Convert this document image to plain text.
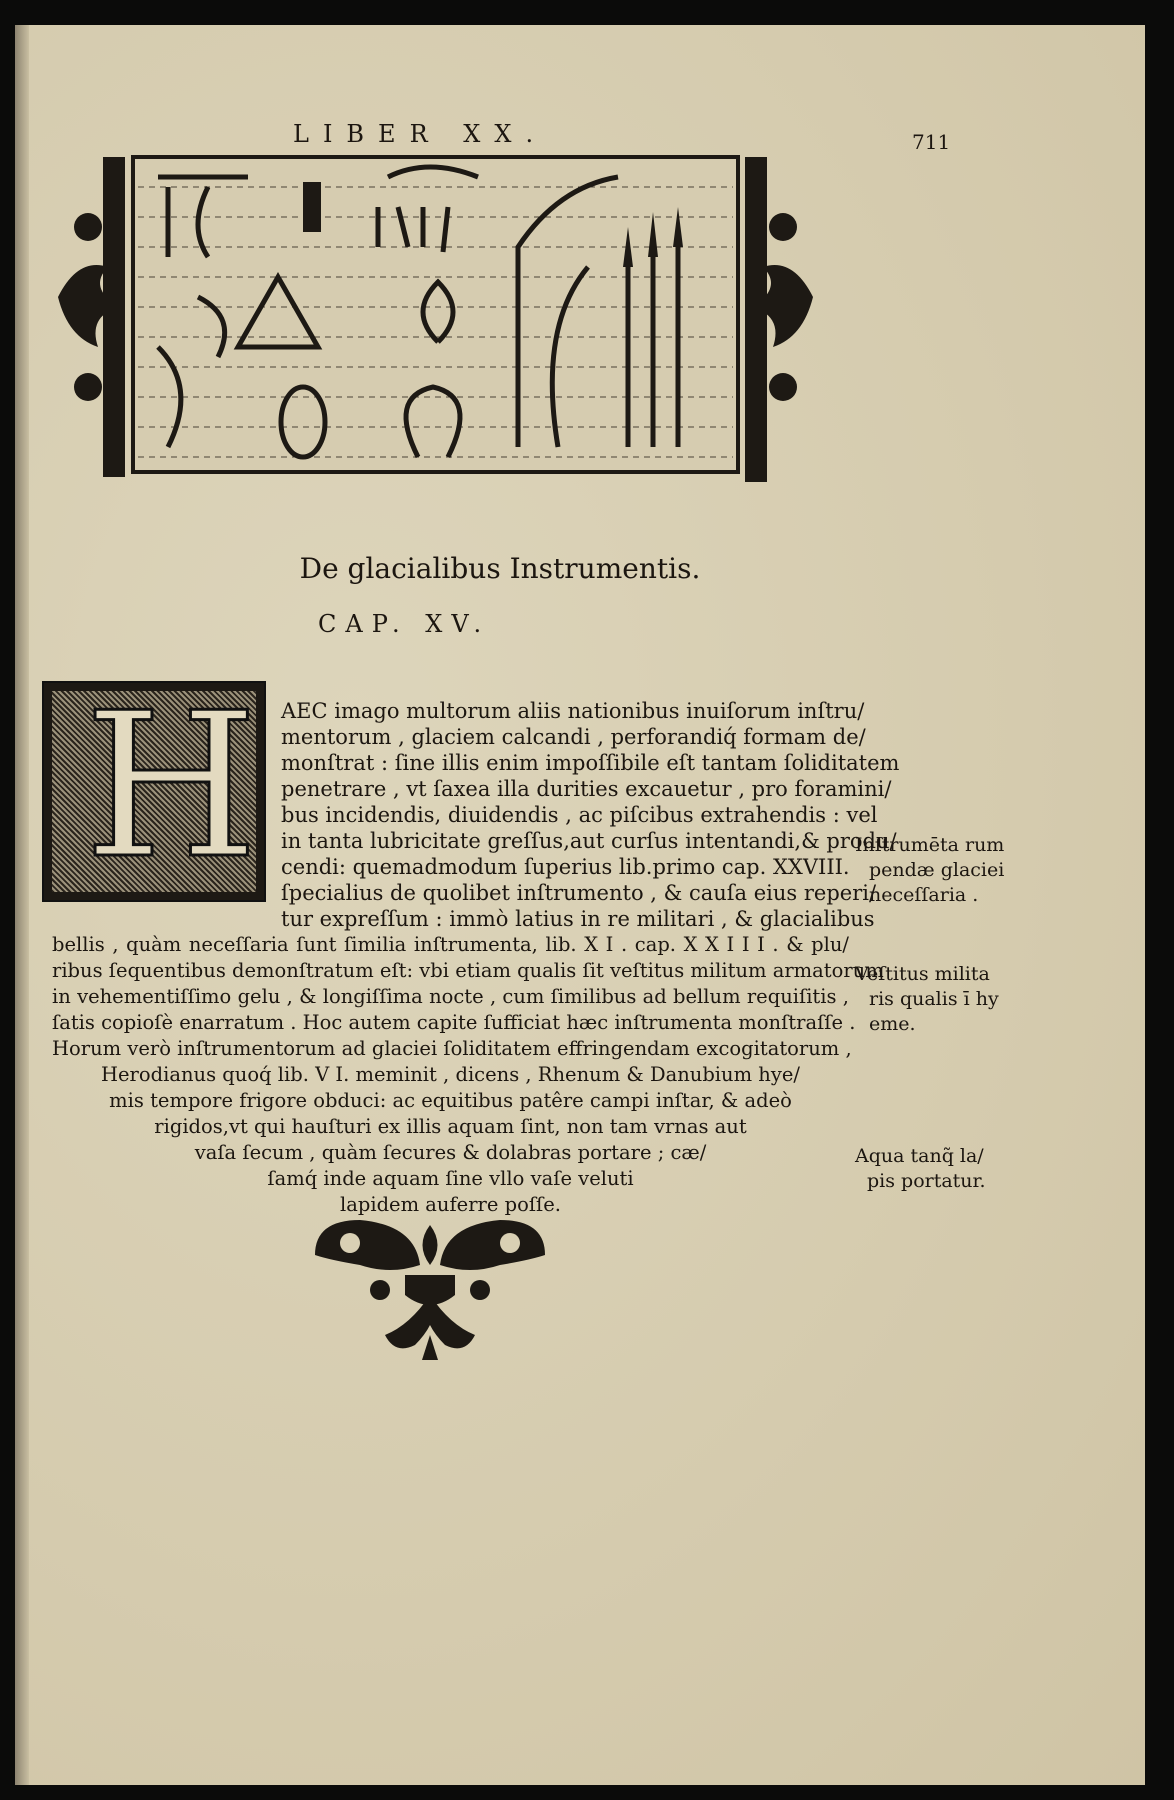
LIBER XX.	711
De glacialibus Instrumentis.
CAP. XV.
H AEC imago multorum aliis nationibus inuiſorum inſtru/
mentorum , glaciem calcandi , perforandiq́ formam de/
monſtrat : ſine illis enim impoſſibile eſt tantam ſoliditatem
penetrare , vt ſaxea illa durities excauetur , pro foramini/
bus incidendis, diuidendis , ac piſcibus extrahendis : vel
in tanta lubricitate greſſus,aut curſus intentandi,& produ/
cendi: quemadmodum ſuperius lib.primo cap. XXVIII.
ſpecialius de quolibet inſtrumento , & cauſa eius reperi/
tur expreſſum : immò latius in re militari , & glacialibus
bellis , quàm neceſſaria ſunt ſimilia inſtrumenta, lib. X I . cap. X X I I I . & plu/
ribus ſequentibus demonſtratum eſt: vbi etiam qualis ſit veſtitus militum armatorum
in vehementiſſimo gelu , & longiſſima nocte , cum ſimilibus ad bellum requiſitis ,
ſatis copioſè enarratum . Hoc autem capite ſufficiat hæc inſtrumenta monſtraſſe .
Horum verò inſtrumentorum ad glaciei ſoliditatem effringendam excogitatorum ,
Herodianus quoq́ lib. V I. meminit , dicens , Rhenum & Danubium hye/
mis tempore frigore obduci: ac equitibus patêre campi inſtar, & adeò
rigidos,vt qui hauſturi ex illis aquam ſint, non tam vrnas aut
vaſa ſecum , quàm ſecures & dolabras portare ; cæ/
ſamq́ inde aquam ſine vllo vaſe veluti
lapidem auferre poſſe.
Inſtrumēta rum
pendæ glaciei
neceſſaria .
Veſtitus milita
ris qualis ī hy
eme.
Aqua tanq̃ la/
pis portatur.
